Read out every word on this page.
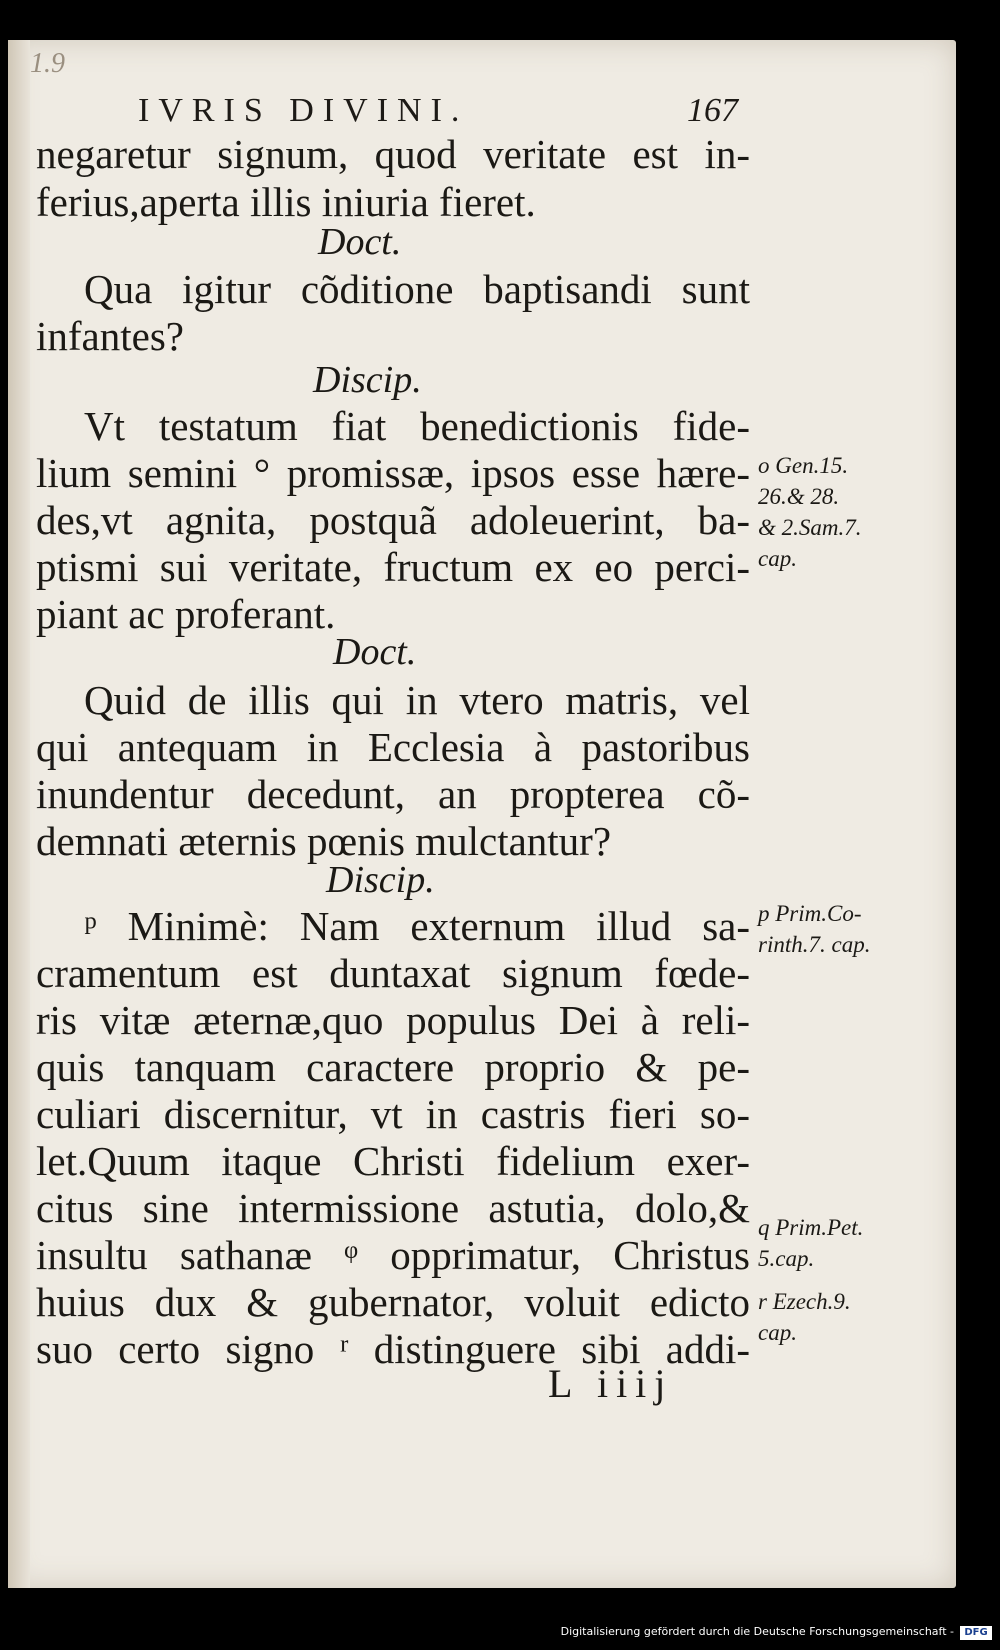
1.9
IVRIS DIVINI.	167
negaretur signum, quod veritate est in-
ferius,aperta illis iniuria fieret.
Doct.
Qua igitur cõditione baptisandi sunt
infantes?
Discip.
Vt testatum fiat benedictionis fide-
lium semini ° promissæ, ipsos esse hære-
des,vt agnita, postquã adoleuerint, ba-
ptismi sui veritate, fructum ex eo perci-
piant ac proferant.
Doct.
Quid de illis qui in vtero matris, vel
qui antequam in Ecclesia à pastoribus
inundentur decedunt, an propterea cõ-
demnati æternis pœnis mulctantur?
Discip.
ᵖ Minimè: Nam externum illud sa-
cramentum est duntaxat signum fœde-
ris vitæ æternæ,quo populus Dei à reli-
quis tanquam caractere proprio & pe-
culiari discernitur, vt in castris fieri so-
let.Quum itaque Christi fidelium exer-
citus sine intermissione astutia, dolo,&
insultu sathanæ ᵠ opprimatur, Christus
huius dux & gubernator, voluit edicto
suo certo signo ʳ distinguere sibi addi-
o Gen.15.
26.& 28.
& 2.Sam.7.
cap.
p Prim.Co-
rinth.7. cap.
q Prim.Pet.
5.cap.
r Ezech.9.
cap.
L iiij
Digitalisierung gefördert durch die Deutsche Forschungsgemeinschaft -	DFG
